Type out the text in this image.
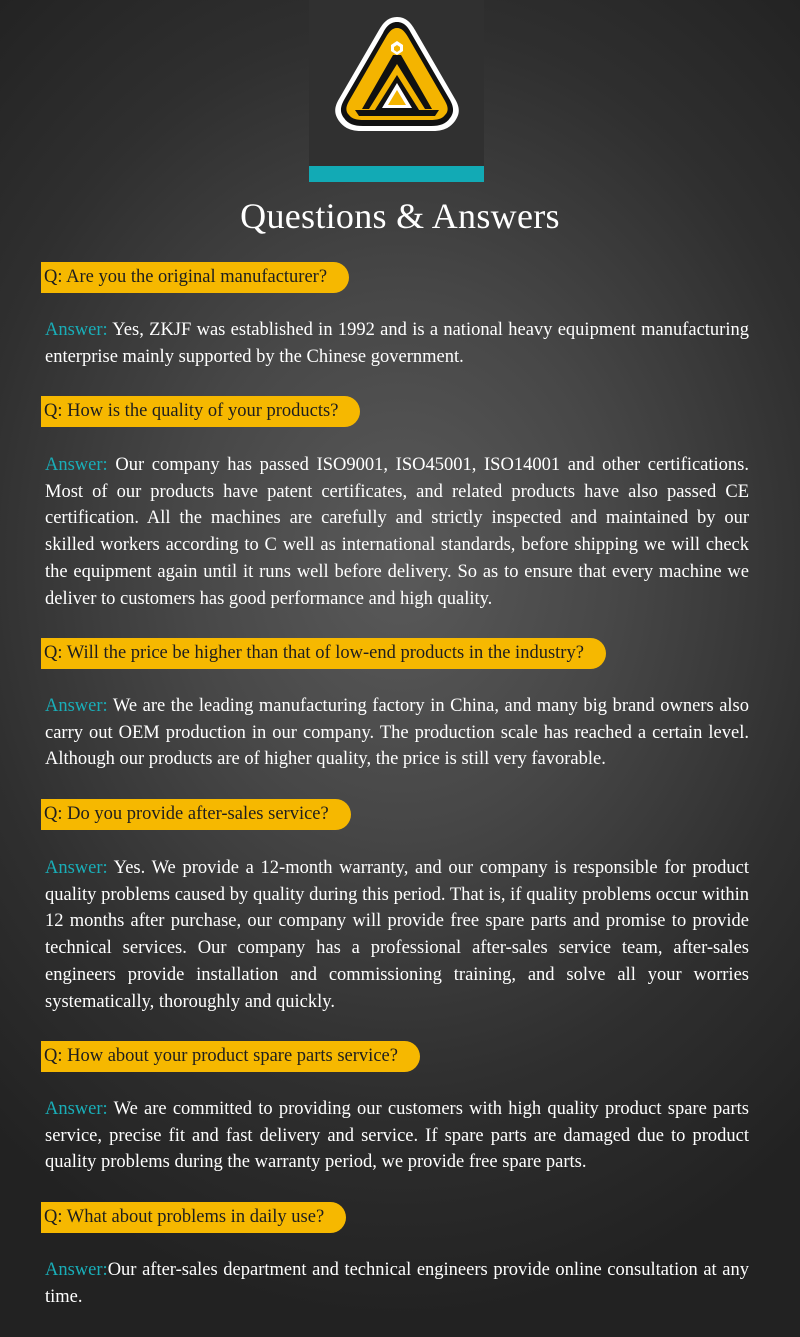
Questions & Answers
Q: Are you the original manufacturer?

Answer: Yes, ZKJF was established in 1992 and is a national heavy equipment manufacturing enterprise mainly supported by the Chinese government.

Q: How is the quality of your products?

Answer: Our company has passed ISO9001, ISO45001, ISO14001 and other certifications. Most of our products have patent certificates, and related products have also passed CE certification. All the machines are carefully and strictly inspected and maintained by our skilled workers according to C well as international standards, before shipping we will check the equipment again until it runs well before delivery. So as to ensure that every machine we deliver to customers has good performance and high quality.

Q: Will the price be higher than that of low-end products in the industry?

Answer: We are the leading manufacturing factory in China, and many big brand owners also carry out OEM production in our company. The production scale has reached a certain level. Although our products are of higher quality, the price is still very favorable.

Q: Do you provide after-sales service?

Answer: Yes. We provide a 12-month warranty, and our company is responsible for product quality problems caused by quality during this period. That is, if quality problems occur within 12 months after purchase, our company will provide free spare parts and promise to provide technical services. Our company has a professional after-sales service team, after-sales engineers provide installation and commissioning training, and solve all your worries systematically, thoroughly and quickly.

Q: How about your product spare parts service?

Answer: We are committed to providing our customers with high quality product spare parts service, precise fit and fast delivery and service. If spare parts are damaged due to product quality problems during the warranty period, we provide free spare parts.

Q: What about problems in daily use?

Answer:Our after-sales department and technical engineers provide online consultation at any time.
